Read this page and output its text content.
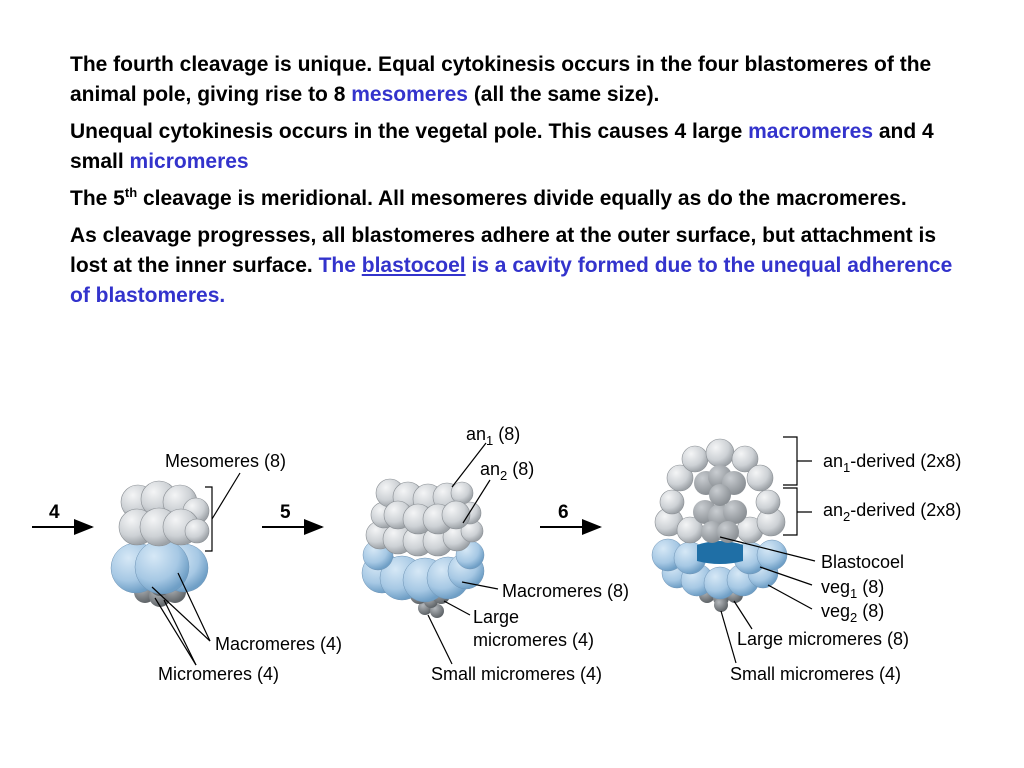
The fourth cleavage is unique. Equal cytokinesis occurs in the four blastomeres of the animal pole, giving rise to 8 mesomeres (all the same size).

Unequal cytokinesis occurs in the vegetal pole. This causes 4 large macromeres and 4 small micromeres

The 5th cleavage is meridional. All mesomeres divide equally as do the macromeres.

As cleavage progresses, all blastomeres adhere at the outer surface, but attachment is lost at the inner surface. The blastocoel is a cavity formed due to the unequal adherence of blastomeres.

4	5	6
Mesomeres (8)
Macromeres (4)
Micromeres (4)
$an_1$ (8)
$an_2$ (8)
Macromeres (8)
Large
micromeres (4)
Small micromeres (4)
$an_1$-derived (2x8)
$an_2$-derived (2x8)
Blastocoel
veg$_1$ (8)
veg$_2$ (8)
Large micromeres (8)
Small micromeres (4)
